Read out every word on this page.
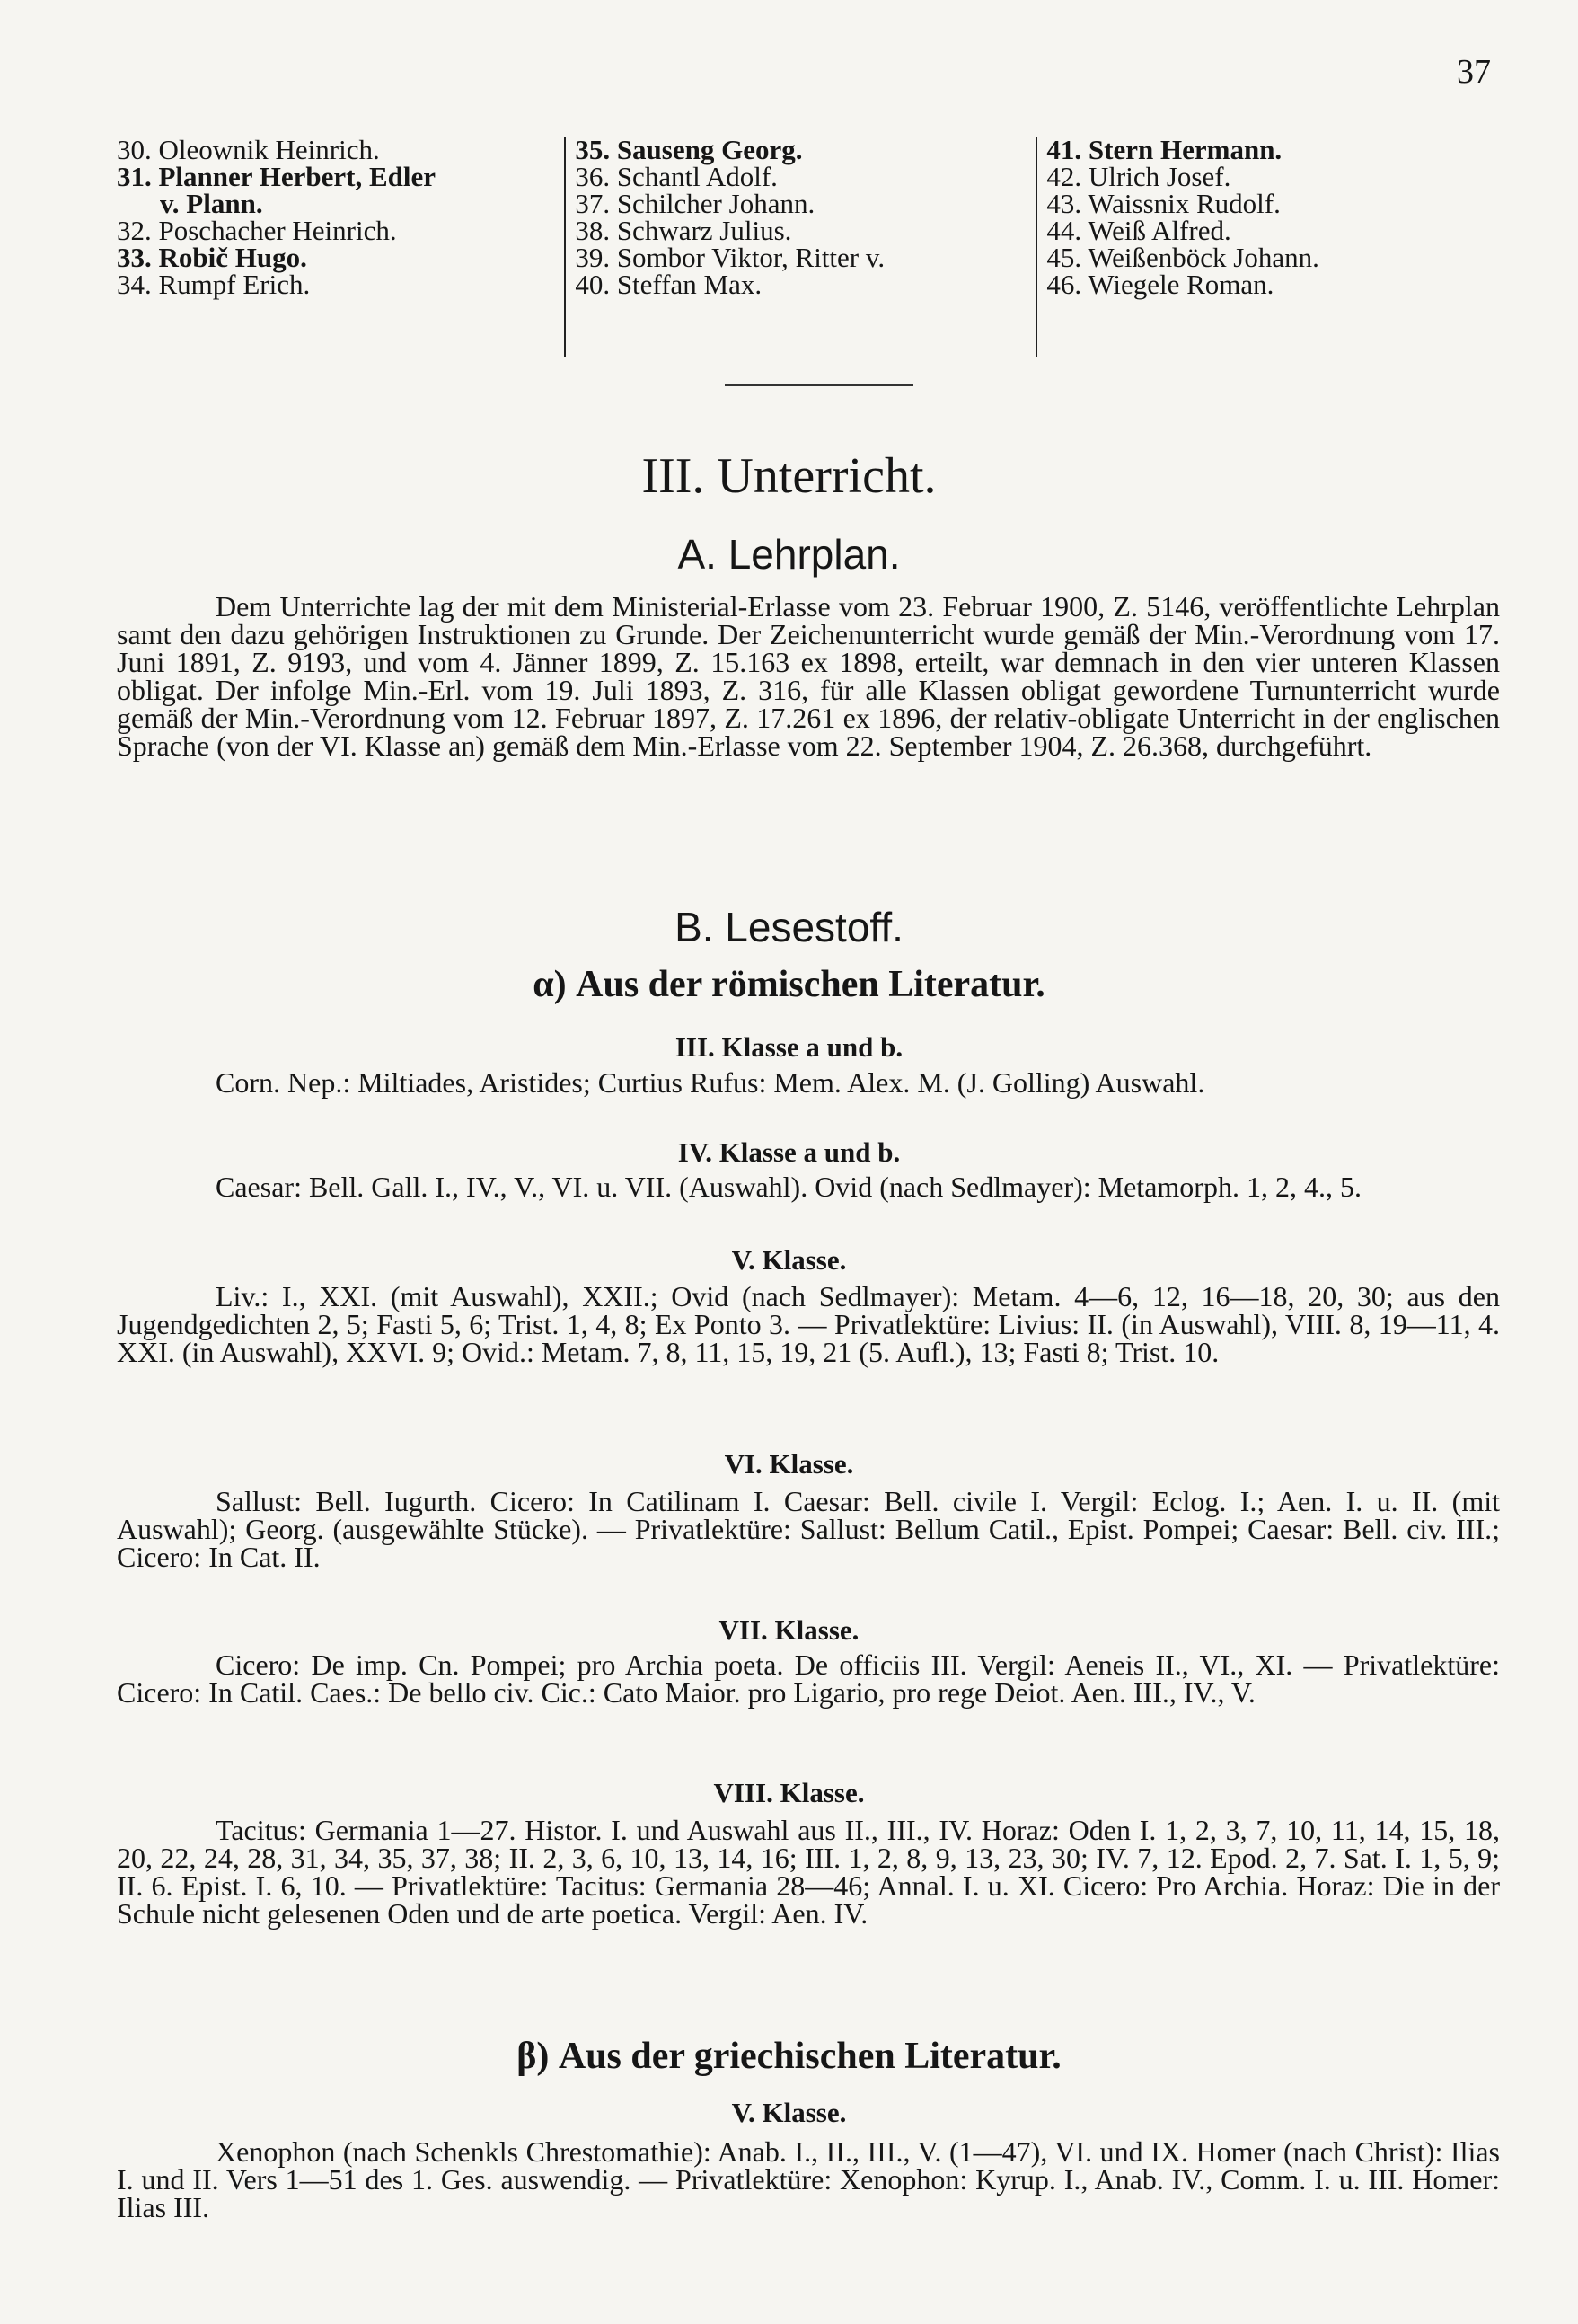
37
30. Oleownik Heinrich.
31. Planner Herbert, Edler
v. Plann.
32. Poschacher Heinrich.
33. Robič Hugo.
34. Rumpf Erich.
35. Sauseng Georg.
36. Schantl Adolf.
37. Schilcher Johann.
38. Schwarz Julius.
39. Sombor Viktor, Ritter v.
40. Steffan Max.
41. Stern Hermann.
42. Ulrich Josef.
43. Waissnix Rudolf.
44. Weiß Alfred.
45. Weißenböck Johann.
46. Wiegele Roman.
III. Unterricht.
A. Lehrplan.
Dem Unterrichte lag der mit dem Ministerial-Erlasse vom 23. Februar 1900, Z. 5146, veröffentlichte Lehrplan samt den dazu gehörigen Instruktionen zu Grunde. Der Zeichenunterricht wurde gemäß der Min.-Verordnung vom 17. Juni 1891, Z. 9193, und vom 4. Jänner 1899, Z. 15.163 ex 1898, erteilt, war demnach in den vier unteren Klassen obligat. Der infolge Min.-Erl. vom 19. Juli 1893, Z. 316, für alle Klassen obligat gewordene Turnunterricht wurde gemäß der Min.-Verordnung vom 12. Februar 1897, Z. 17.261 ex 1896, der relativ-obligate Unterricht in der englischen Sprache (von der VI. Klasse an) gemäß dem Min.-Erlasse vom 22. September 1904, Z. 26.368, durchgeführt.
B. Lesestoff.
α) Aus der römischen Literatur.
III. Klasse a und b.
Corn. Nep.: Miltiades, Aristides; Curtius Rufus: Mem. Alex. M. (J. Golling) Auswahl.
IV. Klasse a und b.
Caesar: Bell. Gall. I., IV., V., VI. u. VII. (Auswahl). Ovid (nach Sedlmayer): Metamorph. 1, 2, 4., 5.
V. Klasse.
Liv.: I., XXI. (mit Auswahl), XXII.; Ovid (nach Sedlmayer): Metam. 4—6, 12, 16—18, 20, 30; aus den Jugendgedichten 2, 5; Fasti 5, 6; Trist. 1, 4, 8; Ex Ponto 3. — Privatlektüre: Livius: II. (in Auswahl), VIII. 8, 19—11, 4. XXI. (in Auswahl), XXVI. 9; Ovid.: Metam. 7, 8, 11, 15, 19, 21 (5. Aufl.), 13; Fasti 8; Trist. 10.
VI. Klasse.
Sallust: Bell. Iugurth. Cicero: In Catilinam I. Caesar: Bell. civile I. Vergil: Eclog. I.; Aen. I. u. II. (mit Auswahl); Georg. (ausgewählte Stücke). — Privatlektüre: Sallust: Bellum Catil., Epist. Pompei; Caesar: Bell. civ. III.; Cicero: In Cat. II.
VII. Klasse.
Cicero: De imp. Cn. Pompei; pro Archia poeta. De officiis III. Vergil: Aeneis II., VI., XI. — Privatlektüre: Cicero: In Catil. Caes.: De bello civ. Cic.: Cato Maior. pro Ligario, pro rege Deiot. Aen. III., IV., V.
VIII. Klasse.
Tacitus: Germania 1—27. Histor. I. und Auswahl aus II., III., IV. Horaz: Oden I. 1, 2, 3, 7, 10, 11, 14, 15, 18, 20, 22, 24, 28, 31, 34, 35, 37, 38; II. 2, 3, 6, 10, 13, 14, 16; III. 1, 2, 8, 9, 13, 23, 30; IV. 7, 12. Epod. 2, 7. Sat. I. 1, 5, 9; II. 6. Epist. I. 6, 10. — Privatlektüre: Tacitus: Germania 28—46; Annal. I. u. XI. Cicero: Pro Archia. Horaz: Die in der Schule nicht gelesenen Oden und de arte poetica. Vergil: Aen. IV.
β) Aus der griechischen Literatur.
V. Klasse.
Xenophon (nach Schenkls Chrestomathie): Anab. I., II., III., V. (1—47), VI. und IX. Homer (nach Christ): Ilias I. und II. Vers 1—51 des 1. Ges. auswendig. — Privatlektüre: Xenophon: Kyrup. I., Anab. IV., Comm. I. u. III. Homer: Ilias III.
